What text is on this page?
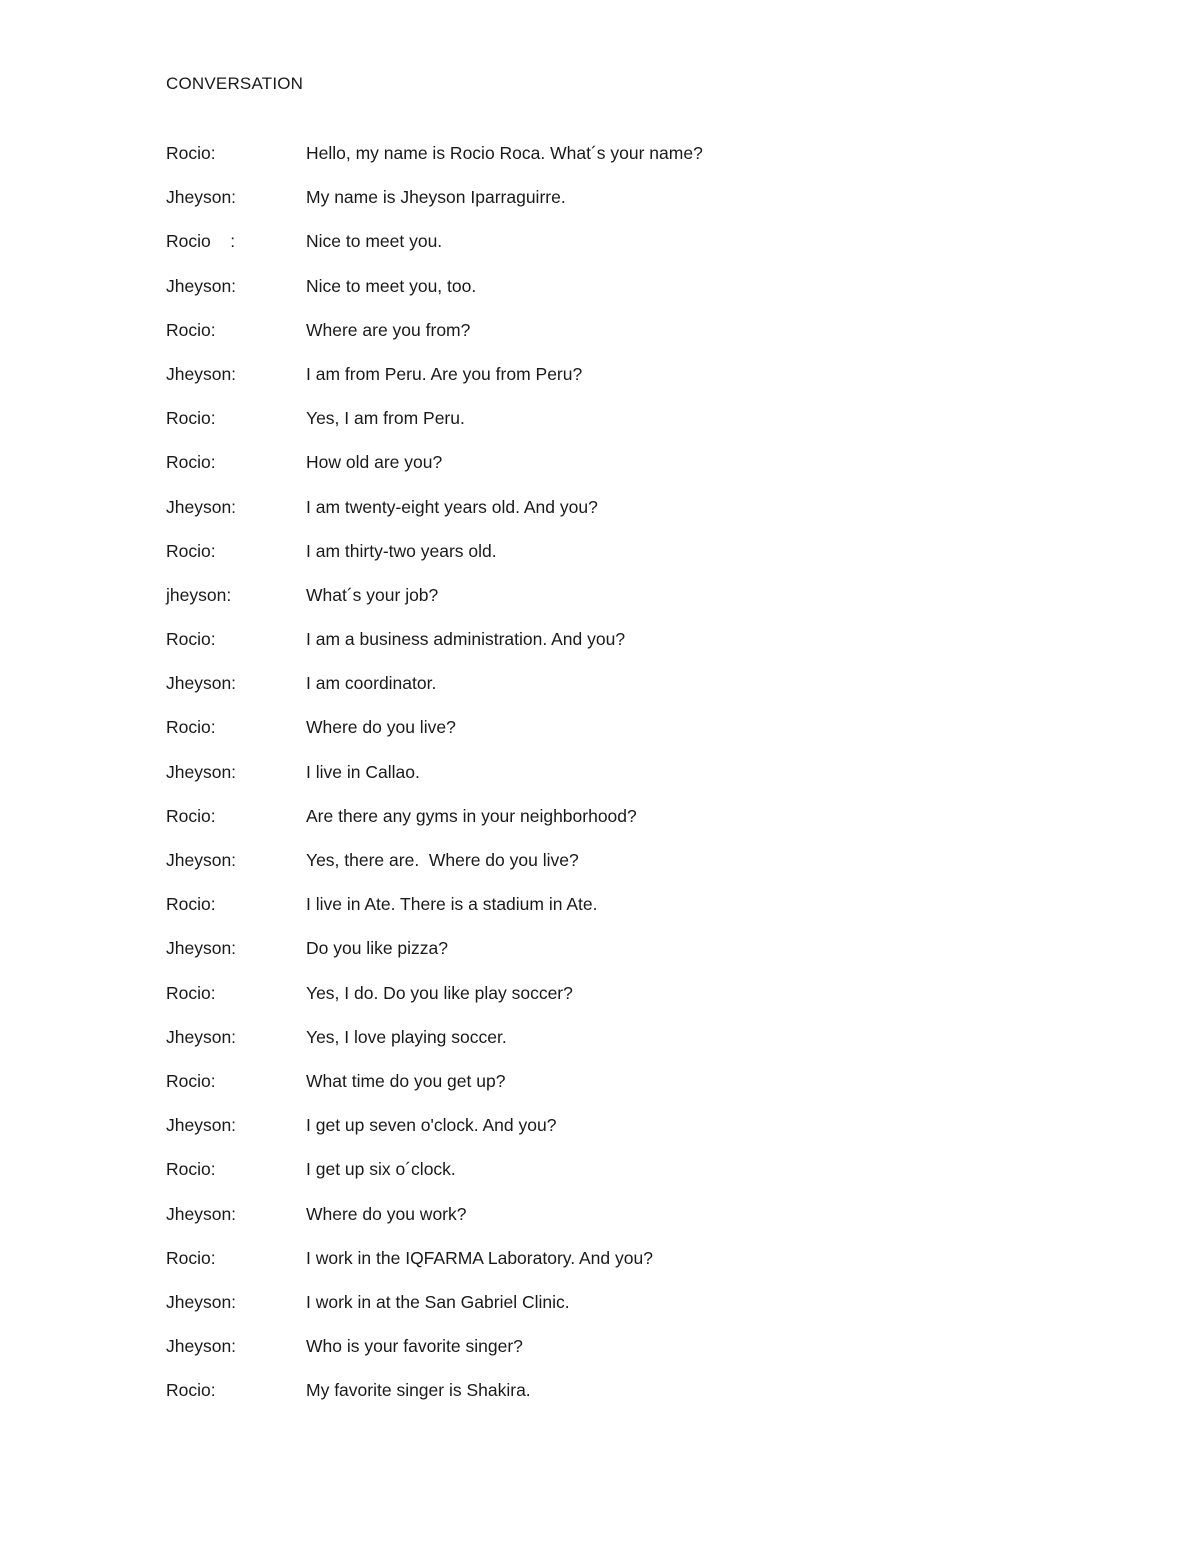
CONVERSATION
Rocio:	Hello, my name is Rocio Roca. What´s your name?
Jheyson:	My name is Jheyson Iparraguirre.
Rocio    :	Nice to meet you.
Jheyson:	Nice to meet you, too.
Rocio:	Where are you from?
Jheyson:	I am from Peru. Are you from Peru?
Rocio:	Yes, I am from Peru.
Rocio:	How old are you?
Jheyson:	I am twenty-eight years old. And you?
Rocio:	I am thirty-two years old.
jheyson:	What´s your job?
Rocio:	I am a business administration. And you?
Jheyson:	I am coordinator.
Rocio:	Where do you live?
Jheyson:	I live in Callao.
Rocio:	Are there any gyms in your neighborhood?
Jheyson:	Yes, there are.  Where do you live?
Rocio:	I live in Ate. There is a stadium in Ate.
Jheyson:	Do you like pizza?
Rocio:	Yes, I do. Do you like play soccer?
Jheyson:	Yes, I love playing soccer.
Rocio:	What time do you get up?
Jheyson:	I get up seven o'clock. And you?
Rocio:	I get up six o´clock.
Jheyson:	Where do you work?
Rocio:	I work in the IQFARMA Laboratory. And you?
Jheyson:	I work in at the San Gabriel Clinic.
Jheyson:	Who is your favorite singer?
Rocio:	My favorite singer is Shakira.
